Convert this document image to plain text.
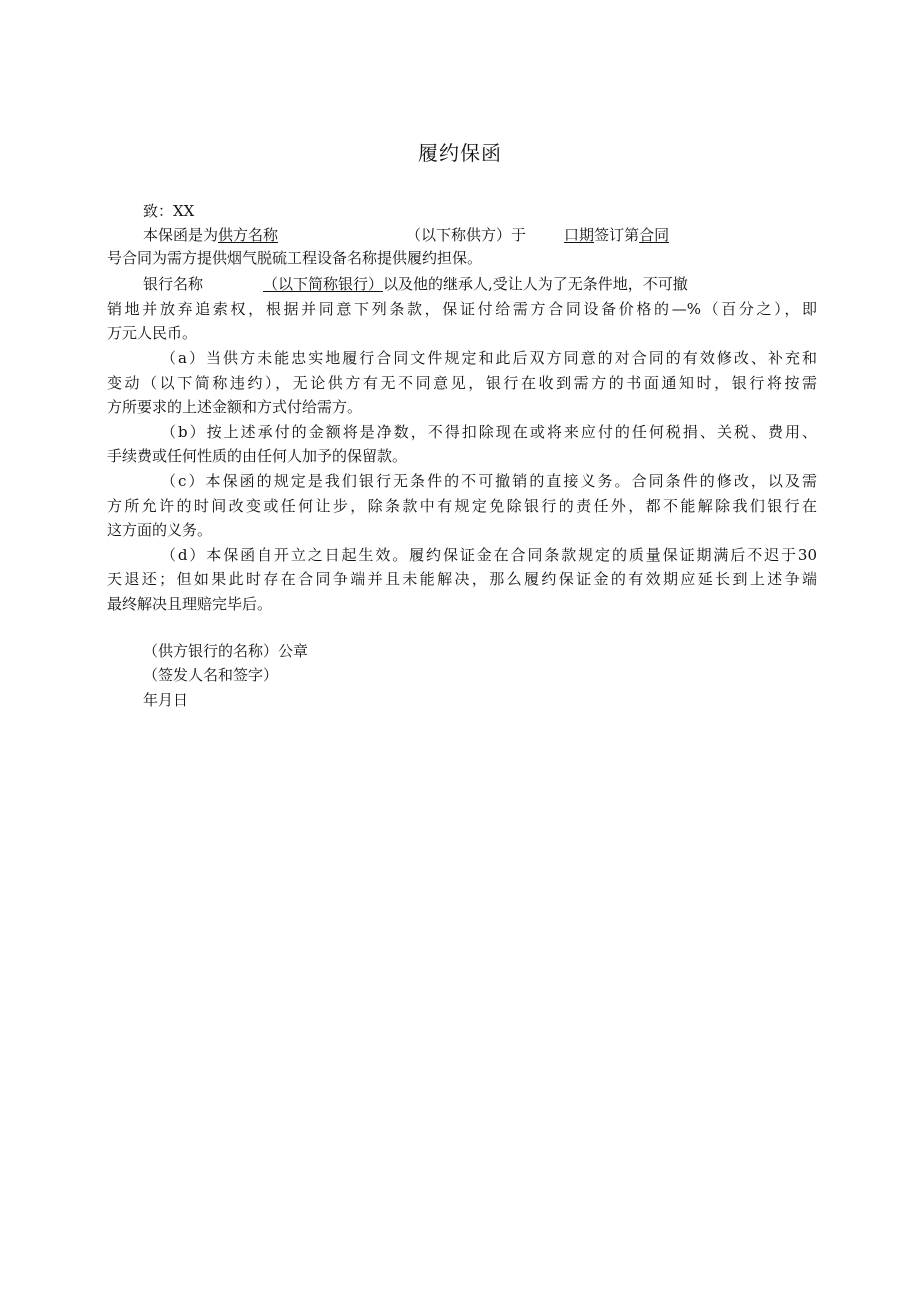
履约保函
致：XX
本保函是为供方名称	（以下称供方）于	口期签订第合同
号合同为需方提供烟气脱硫工程设备名称提供履约担保。
银行名称	（以下简称银行）以及他的继承人,受让人为了无条件地，不可撤
销地并放弃追索权，根据并同意下列条款，保证付给需方合同设备价格的—%（百分之），即
万元人民币。
（a）当供方未能忠实地履行合同文件规定和此后双方同意的对合同的有效修改、补充和
变动（以下简称违约），无论供方有无不同意见，银行在收到需方的书面通知时，银行将按需
方所要求的上述金额和方式付给需方。
（b）按上述承付的金额将是净数，不得扣除现在或将来应付的任何税捐、关税、费用、
手续费或任何性质的由任何人加予的保留款。
（c）本保函的规定是我们银行无条件的不可撤销的直接义务。合同条件的修改，以及需
方所允许的时间改变或任何让步，除条款中有规定免除银行的责任外，都不能解除我们银行在
这方面的义务。
（d）本保函自开立之日起生效。履约保证金在合同条款规定的质量保证期满后不迟于30
天退还；但如果此时存在合同争端并且未能解决，那么履约保证金的有效期应延长到上述争端
最终解决且理赔完毕后。
（供方银行的名称）公章
（签发人名和签字）
年月日
